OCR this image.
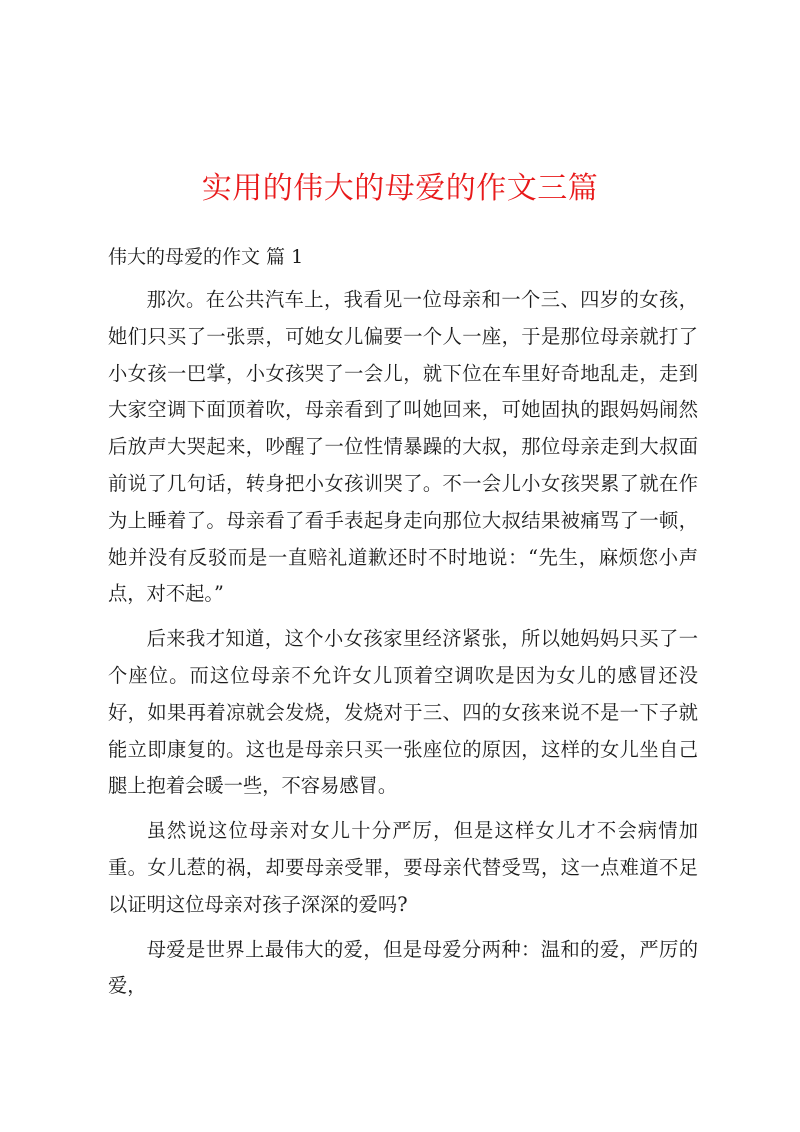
实用的伟大的母爱的作文三篇
伟大的母爱的作文 篇 1

那次。在公共汽车上，我看见一位母亲和一个三、四岁的女孩，她们只买了一张票，可她女儿偏要一个人一座，于是那位母亲就打了小女孩一巴掌，小女孩哭了一会儿，就下位在车里好奇地乱走，走到大家空调下面顶着吹，母亲看到了叫她回来，可她固执的跟妈妈闹然后放声大哭起来，吵醒了一位性情暴躁的大叔，那位母亲走到大叔面前说了几句话，转身把小女孩训哭了。不一会儿小女孩哭累了就在作为上睡着了。母亲看了看手表起身走向那位大叔结果被痛骂了一顿，她并没有反驳而是一直赔礼道歉还时不时地说：“先生，麻烦您小声点，对不起。”

后来我才知道，这个小女孩家里经济紧张，所以她妈妈只买了一个座位。而这位母亲不允许女儿顶着空调吹是因为女儿的感冒还没好，如果再着凉就会发烧，发烧对于三、四的女孩来说不是一下子就能立即康复的。这也是母亲只买一张座位的原因，这样的女儿坐自己腿上抱着会暖一些，不容易感冒。

虽然说这位母亲对女儿十分严厉，但是这样女儿才不会病情加重。女儿惹的祸，却要母亲受罪，要母亲代替受骂，这一点难道不足以证明这位母亲对孩子深深的爱吗?

母爱是世界上最伟大的爱，但是母爱分两种：温和的爱，严厉的爱，
